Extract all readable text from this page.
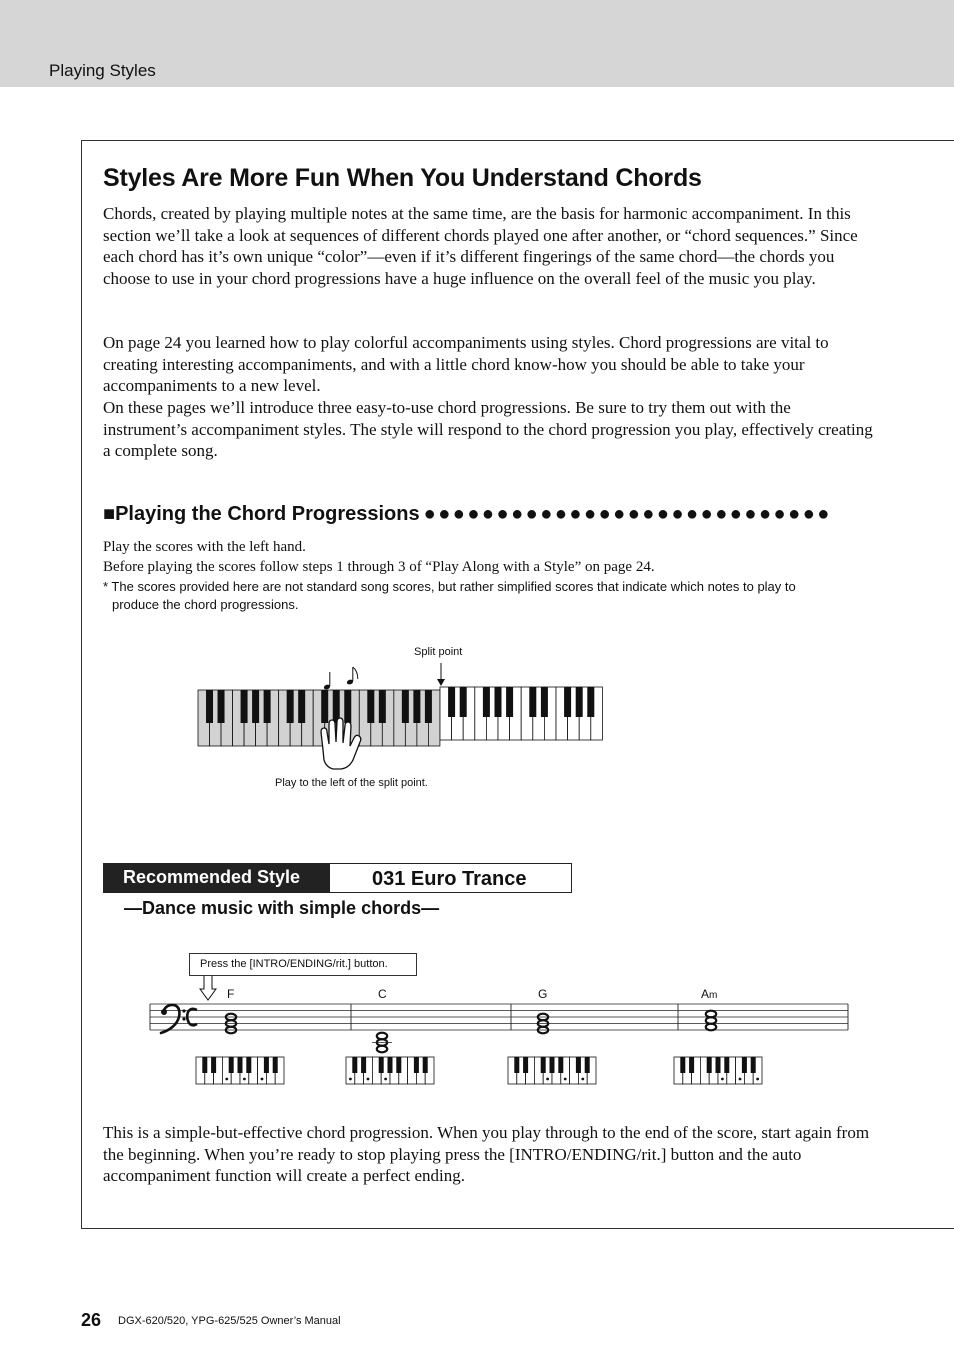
Playing Styles
Styles Are More Fun When You Understand Chords
Chords, created by playing multiple notes at the same time, are the basis for harmonic accompaniment. In this section we’ll take a look at sequences of different chords played one after another, or “chord sequences.” Since each chord has it’s own unique “color”—even if it’s different fingerings of the same chord—the chords you choose to use in your chord progressions have a huge influence on the overall feel of the music you play.
On page 24 you learned how to play colorful accompaniments using styles. Chord progressions are vital to creating interesting accompaniments, and with a little chord know-how you should be able to take your accompaniments to a new level.
On these pages we’ll introduce three easy-to-use chord progressions. Be sure to try them out with the instrument’s accompaniment styles. The style will respond to the chord progression you play, effectively creating a complete song.
■Playing the Chord Progressions ●●●●●●●●●●●●●●●●●●●●●●●●●●●●
Play the scores with the left hand.
Before playing the scores follow steps 1 through 3 of “Play Along with a Style” on page 24.
* The scores provided here are not standard song scores, but rather simplified scores that indicate which notes to play to
produce the chord progressions.
Split point
Play to the left of the split point.
Recommended Style	031 Euro Trance
—Dance music with simple chords—
Press the [INTRO/ENDING/rit.] button.
F	C	G	Am
This is a simple-but-effective chord progression. When you play through to the end of the score, start again from the beginning. When you’re ready to stop playing press the [INTRO/ENDING/rit.] button and the auto accompaniment function will create a perfect ending.
26 DGX-620/520, YPG-625/525 Owner’s Manual
